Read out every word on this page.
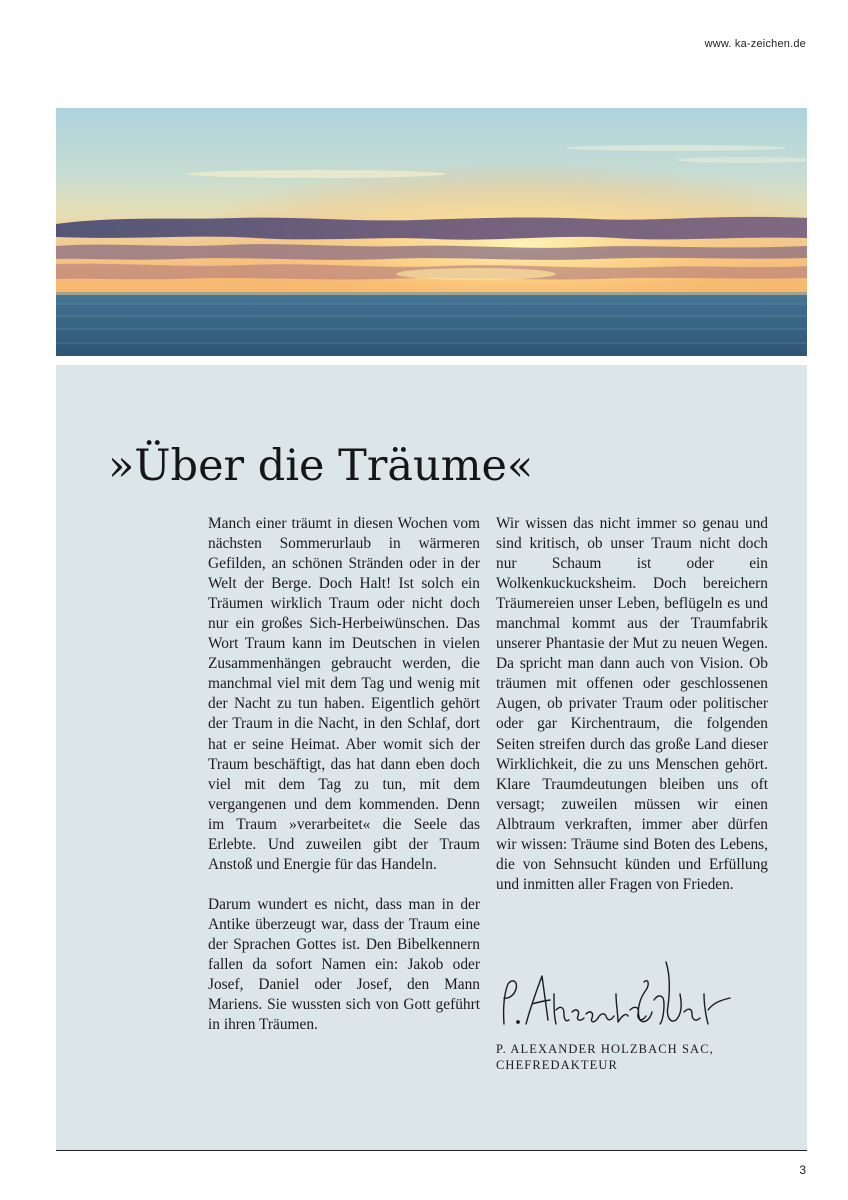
www. ka-zeichen.de
»Über die Träume«

Manch einer träumt in diesen Wochen vom nächsten Sommerurlaub in wärmeren Gefilden, an schönen Stränden oder in der Welt der Berge. Doch Halt! Ist solch ein Träumen wirklich Traum oder nicht doch nur ein großes Sich-Herbeiwünschen. Das Wort Traum kann im Deutschen in vielen Zusammenhängen gebraucht werden, die manchmal viel mit dem Tag und wenig mit der Nacht zu tun haben. Eigentlich gehört der Traum in die Nacht, in den Schlaf, dort hat er seine Heimat. Aber womit sich der Traum beschäftigt, das hat dann eben doch viel mit dem Tag zu tun, mit dem vergangenen und dem kommenden. Denn im Traum »verarbeitet« die Seele das Erlebte. Und zuweilen gibt der Traum Anstoß und Energie für das Handeln.

Darum wundert es nicht, dass man in der Antike überzeugt war, dass der Traum eine der Sprachen Gottes ist. Den Bibelkennern fallen da sofort Namen ein: Jakob oder Josef, Daniel oder Josef, den Mann Mariens. Sie wussten sich von Gott geführt in ihren Träumen.

Wir wissen das nicht immer so genau und sind kritisch, ob unser Traum nicht doch nur Schaum ist oder ein Wolkenkuckucksheim. Doch bereichern Träumereien unser Leben, beflügeln es und manchmal kommt aus der Traumfabrik unserer Phantasie der Mut zu neuen Wegen. Da spricht man dann auch von Vision. Ob träumen mit offenen oder geschlossenen Augen, ob privater Traum oder politischer oder gar Kirchentraum, die folgenden Seiten streifen durch das große Land dieser Wirklichkeit, die zu uns Menschen gehört. Klare Traumdeutungen bleiben uns oft versagt; zuweilen müssen wir einen Albtraum verkraften, immer aber dürfen wir wissen: Träume sind Boten des Lebens, die von Sehnsucht künden und Erfüllung und inmitten aller Fragen von Frieden.

P. ALEXANDER HOLZBACH SAC,
CHEFREDAKTEUR
3
